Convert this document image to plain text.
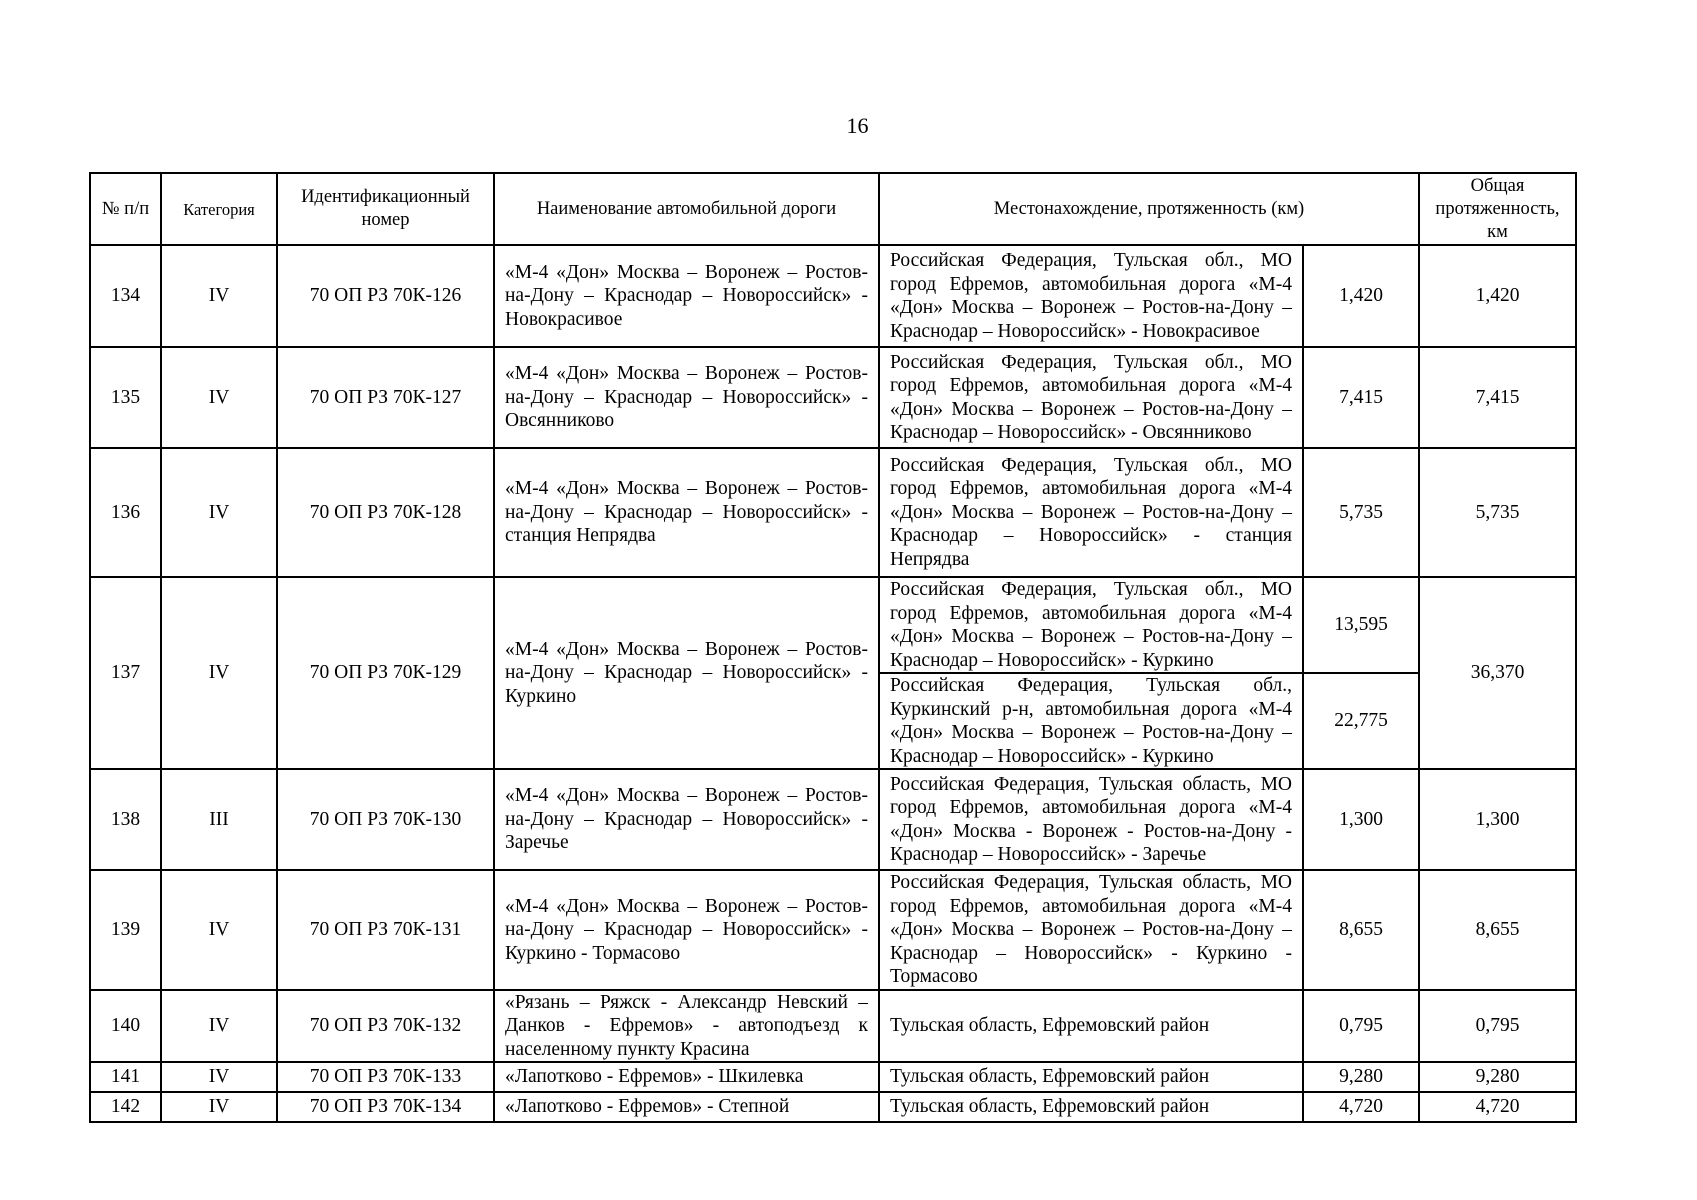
16
№ п/п	Категория	Идентификационный номер	Наименование автомобильной дороги	Местонахождение, протяженность (км)		Общая протяженность, км
134	IV	70 ОП РЗ 70К-126	«М-4 «Дон» Москва – Воронеж – Ростов-на-Дону – Краснодар – Новороссийск» - Новокрасивое	Российская Федерация, Тульская обл., МО город Ефремов, автомобильная дорога «М-4 «Дон» Москва – Воронеж – Ростов-на-Дону – Краснодар – Новороссийск» - Новокрасивое	1,420	1,420
135	IV	70 ОП РЗ 70К-127	«М-4 «Дон» Москва – Воронеж – Ростов-на-Дону – Краснодар – Новороссийск» - Овсянниково	Российская Федерация, Тульская обл., МО город Ефремов, автомобильная дорога «М-4 «Дон» Москва – Воронеж – Ростов-на-Дону – Краснодар – Новороссийск» - Овсянниково	7,415	7,415
136	IV	70 ОП РЗ 70К-128	«М-4 «Дон» Москва – Воронеж – Ростов-на-Дону – Краснодар – Новороссийск» - станция Непрядва	Российская Федерация, Тульская обл., МО город Ефремов, автомобильная дорога «М-4 «Дон» Москва – Воронеж – Ростов-на-Дону – Краснодар – Новороссийск» - станция Непрядва	5,735	5,735
137	IV	70 ОП РЗ 70К-129	«М-4 «Дон» Москва – Воронеж – Ростов-на-Дону – Краснодар – Новороссийск» - Куркино	Российская Федерация, Тульская обл., МО город Ефремов, автомобильная дорога «М-4 «Дон» Москва – Воронеж – Ростов-на-Дону – Краснодар – Новороссийск» - Куркино	13,595	36,370
				Российская Федерация, Тульская обл., Куркинский р-н, автомобильная дорога «М-4 «Дон» Москва – Воронеж – Ростов-на-Дону – Краснодар – Новороссийск» - Куркино	22,775	
138	III	70 ОП РЗ 70К-130	«М-4 «Дон» Москва – Воронеж – Ростов-на-Дону – Краснодар – Новороссийск» - Заречье	Российская Федерация, Тульская область, МО город Ефремов, автомобильная дорога «М-4 «Дон» Москва - Воронеж - Ростов-на-Дону - Краснодар – Новороссийск» - Заречье	1,300	1,300
139	IV	70 ОП РЗ 70К-131	«М-4 «Дон» Москва – Воронеж – Ростов-на-Дону – Краснодар – Новороссийск» - Куркино - Тормасово	Российская Федерация, Тульская область, МО город Ефремов, автомобильная дорога «М-4 «Дон» Москва – Воронеж – Ростов-на-Дону – Краснодар – Новороссийск» - Куркино - Тормасово	8,655	8,655
140	IV	70 ОП РЗ 70К-132	«Рязань – Ряжск - Александр Невский – Данков - Ефремов» - автоподъезд к населенному пункту Красина	Тульская область, Ефремовский район	0,795	0,795
141	IV	70 ОП РЗ 70К-133	«Лапотково - Ефремов» - Шкилевка	Тульская область, Ефремовский район	9,280	9,280
142	IV	70 ОП РЗ 70К-134	«Лапотково - Ефремов» - Степной	Тульская область, Ефремовский район	4,720	4,720
